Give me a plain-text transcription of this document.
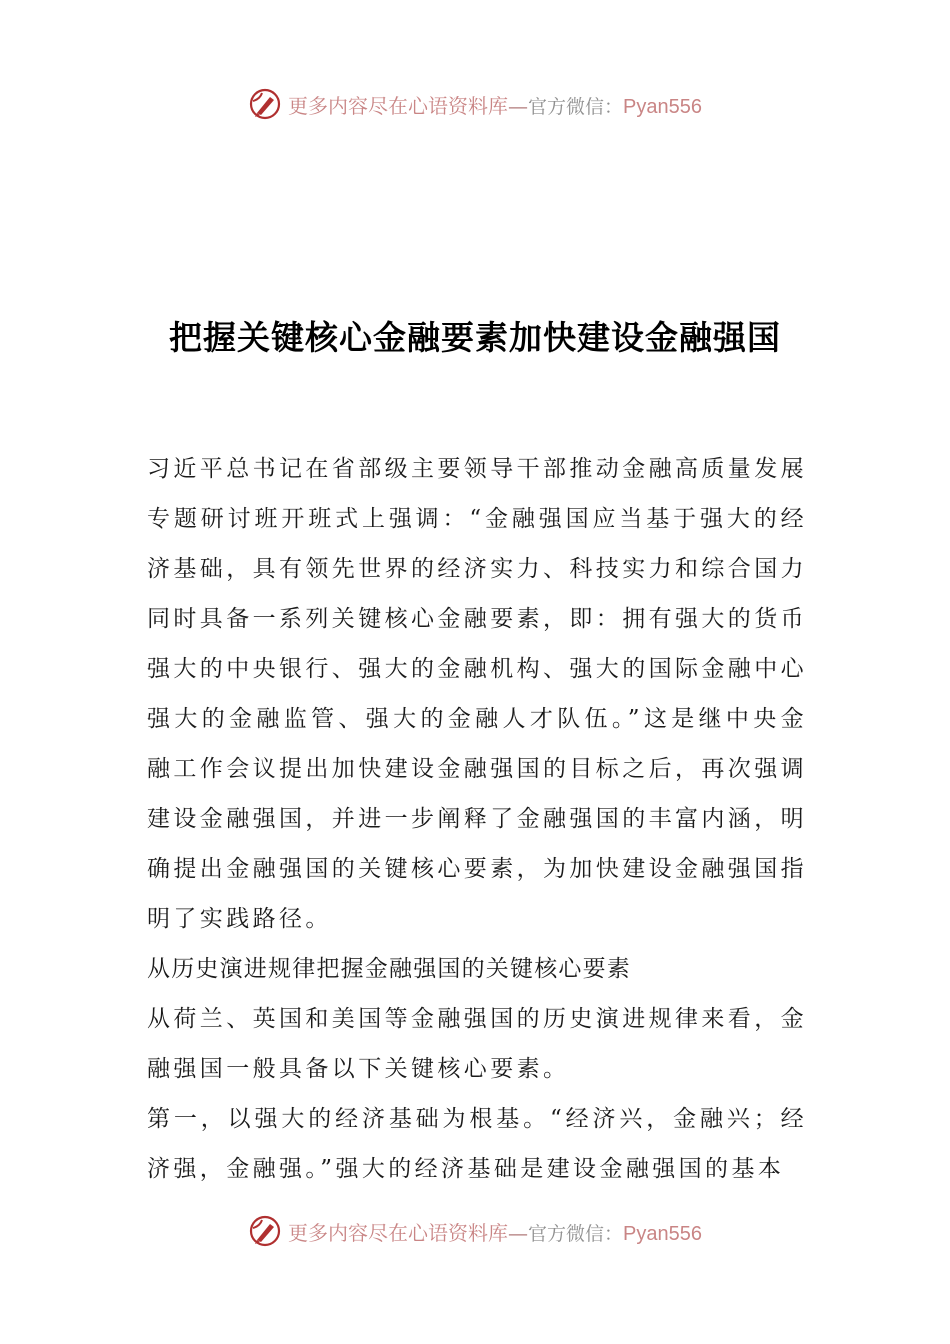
更多内容尽在心语资料库—官方微信：Pyan556
把握关键核心金融要素加快建设金融强国

习近平总书记在省部级主要领导干部推动金融高质量发展专题研讨班开班式上强调：“金融强国应当基于强大的经济基础，具有领先世界的经济实力、科技实力和综合国力同时具备一系列关键核心金融要素，即：拥有强大的货币强大的中央银行、强大的金融机构、强大的国际金融中心强大的金融监管、强大的金融人才队伍。”这是继中央金融工作会议提出加快建设金融强国的目标之后，再次强调建设金融强国，并进一步阐释了金融强国的丰富内涵，明确提出金融强国的关键核心要素，为加快建设金融强国指明了实践路径。

从历史演进规律把握金融强国的关键核心要素

从荷兰、英国和美国等金融强国的历史演进规律来看，金融强国一般具备以下关键核心要素。

第一，以强大的经济基础为根基。“经济兴，金融兴；经济强，金融强。”强大的经济基础是建设金融强国的基本

更多内容尽在心语资料库—官方微信：Pyan556
